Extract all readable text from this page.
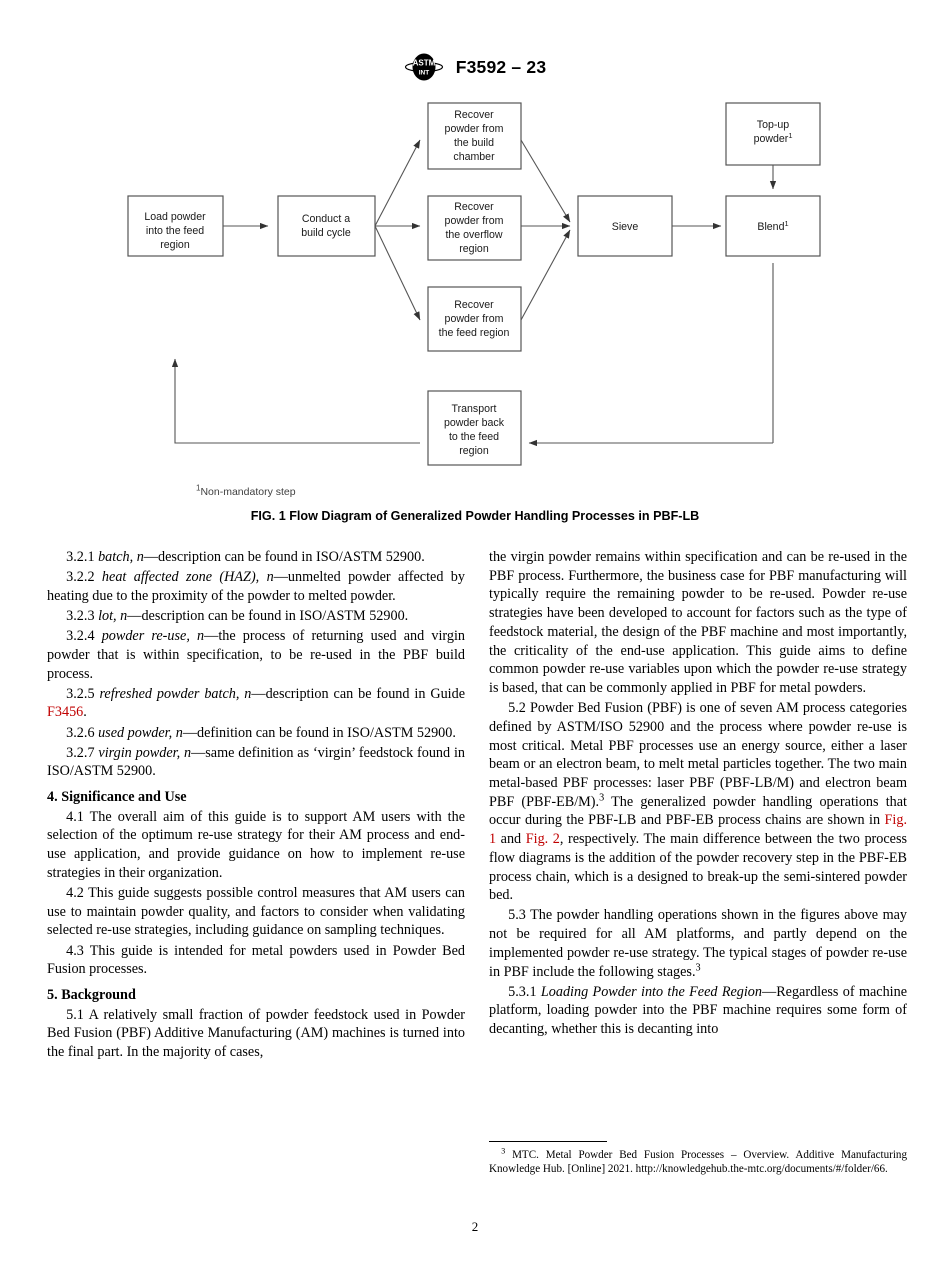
ASTM
INT F3592 – 23
Load powder
into the feed
region
Conduct a
build cycle
Recover
powder from
the build
chamber
Recover
powder from
the overflow
region
Recover
powder from
the feed region
Sieve
Top-up
powder$^1$
Blend$^1$
Transport
powder back
to the feed
region
$^1$Non-mandatory step
FIG. 1 Flow Diagram of Generalized Powder Handling Processes in PBF-LB

3.2.1 batch, n—description can be found in ISO/ASTM 52900.

3.2.2 heat affected zone (HAZ), n—unmelted powder affected by heating due to the proximity of the powder to melted powder.

3.2.3 lot, n—description can be found in ISO/ASTM 52900.

3.2.4 powder re-use, n—the process of returning used and virgin powder that is within specification, to be re-used in the PBF build process.

3.2.5 refreshed powder batch, n—description can be found in Guide F3456.

3.2.6 used powder, n—definition can be found in ISO/ASTM 52900.

3.2.7 virgin powder, n—same definition as ‘virgin’ feedstock found in ISO/ASTM 52900.

4. Significance and Use

4.1 The overall aim of this guide is to support AM users with the selection of the optimum re-use strategy for their AM process and end-use application, and provide guidance on how to implement re-use strategies in their organization.

4.2 This guide suggests possible control measures that AM users can use to maintain powder quality, and factors to consider when validating selected re-use strategies, including guidance on sampling techniques.

4.3 This guide is intended for metal powders used in Powder Bed Fusion processes.

5. Background

5.1 A relatively small fraction of powder feedstock used in Powder Bed Fusion (PBF) Additive Manufacturing (AM) machines is turned into the final part. In the majority of cases,

the virgin powder remains within specification and can be re-used in the PBF process. Furthermore, the business case for PBF manufacturing will typically require the remaining powder to be re-used. Powder re-use strategies have been developed to account for factors such as the type of feedstock material, the design of the PBF machine and most importantly, the criticality of the end-use application. This guide aims to define common powder re-use variables upon which the powder re-use strategy is based, that can be commonly applied in PBF for metal powders.

5.2 Powder Bed Fusion (PBF) is one of seven AM process categories defined by ASTM/ISO 52900 and the process where powder re-use is most critical. Metal PBF processes use an energy source, either a laser beam or an electron beam, to melt metal particles together. The two main metal-based PBF processes: laser PBF (PBF-LB/M) and electron beam PBF (PBF-EB/M).$^3$ The generalized powder handling operations that occur during the PBF-LB and PBF-EB process chains are shown in Fig. 1 and Fig. 2, respectively. The main difference between the two process flow diagrams is the addition of the powder recovery step in the PBF-EB process chain, which is a designed to break-up the semi-sintered powder bed.

5.3 The powder handling operations shown in the figures above may not be required for all AM platforms, and partly depend on the implemented powder re-use strategy. The typical stages of powder re-use in PBF include the following stages.$^3$

5.3.1 Loading Powder into the Feed Region—Regardless of machine platform, loading powder into the PBF machine requires some form of decanting, whether this is decanting into

$^3$ MTC. Metal Powder Bed Fusion Processes – Overview. Additive Manufacturing Knowledge Hub. [Online] 2021. http://knowledgehub.the-mtc.org/documents/#/folder/66.

2
